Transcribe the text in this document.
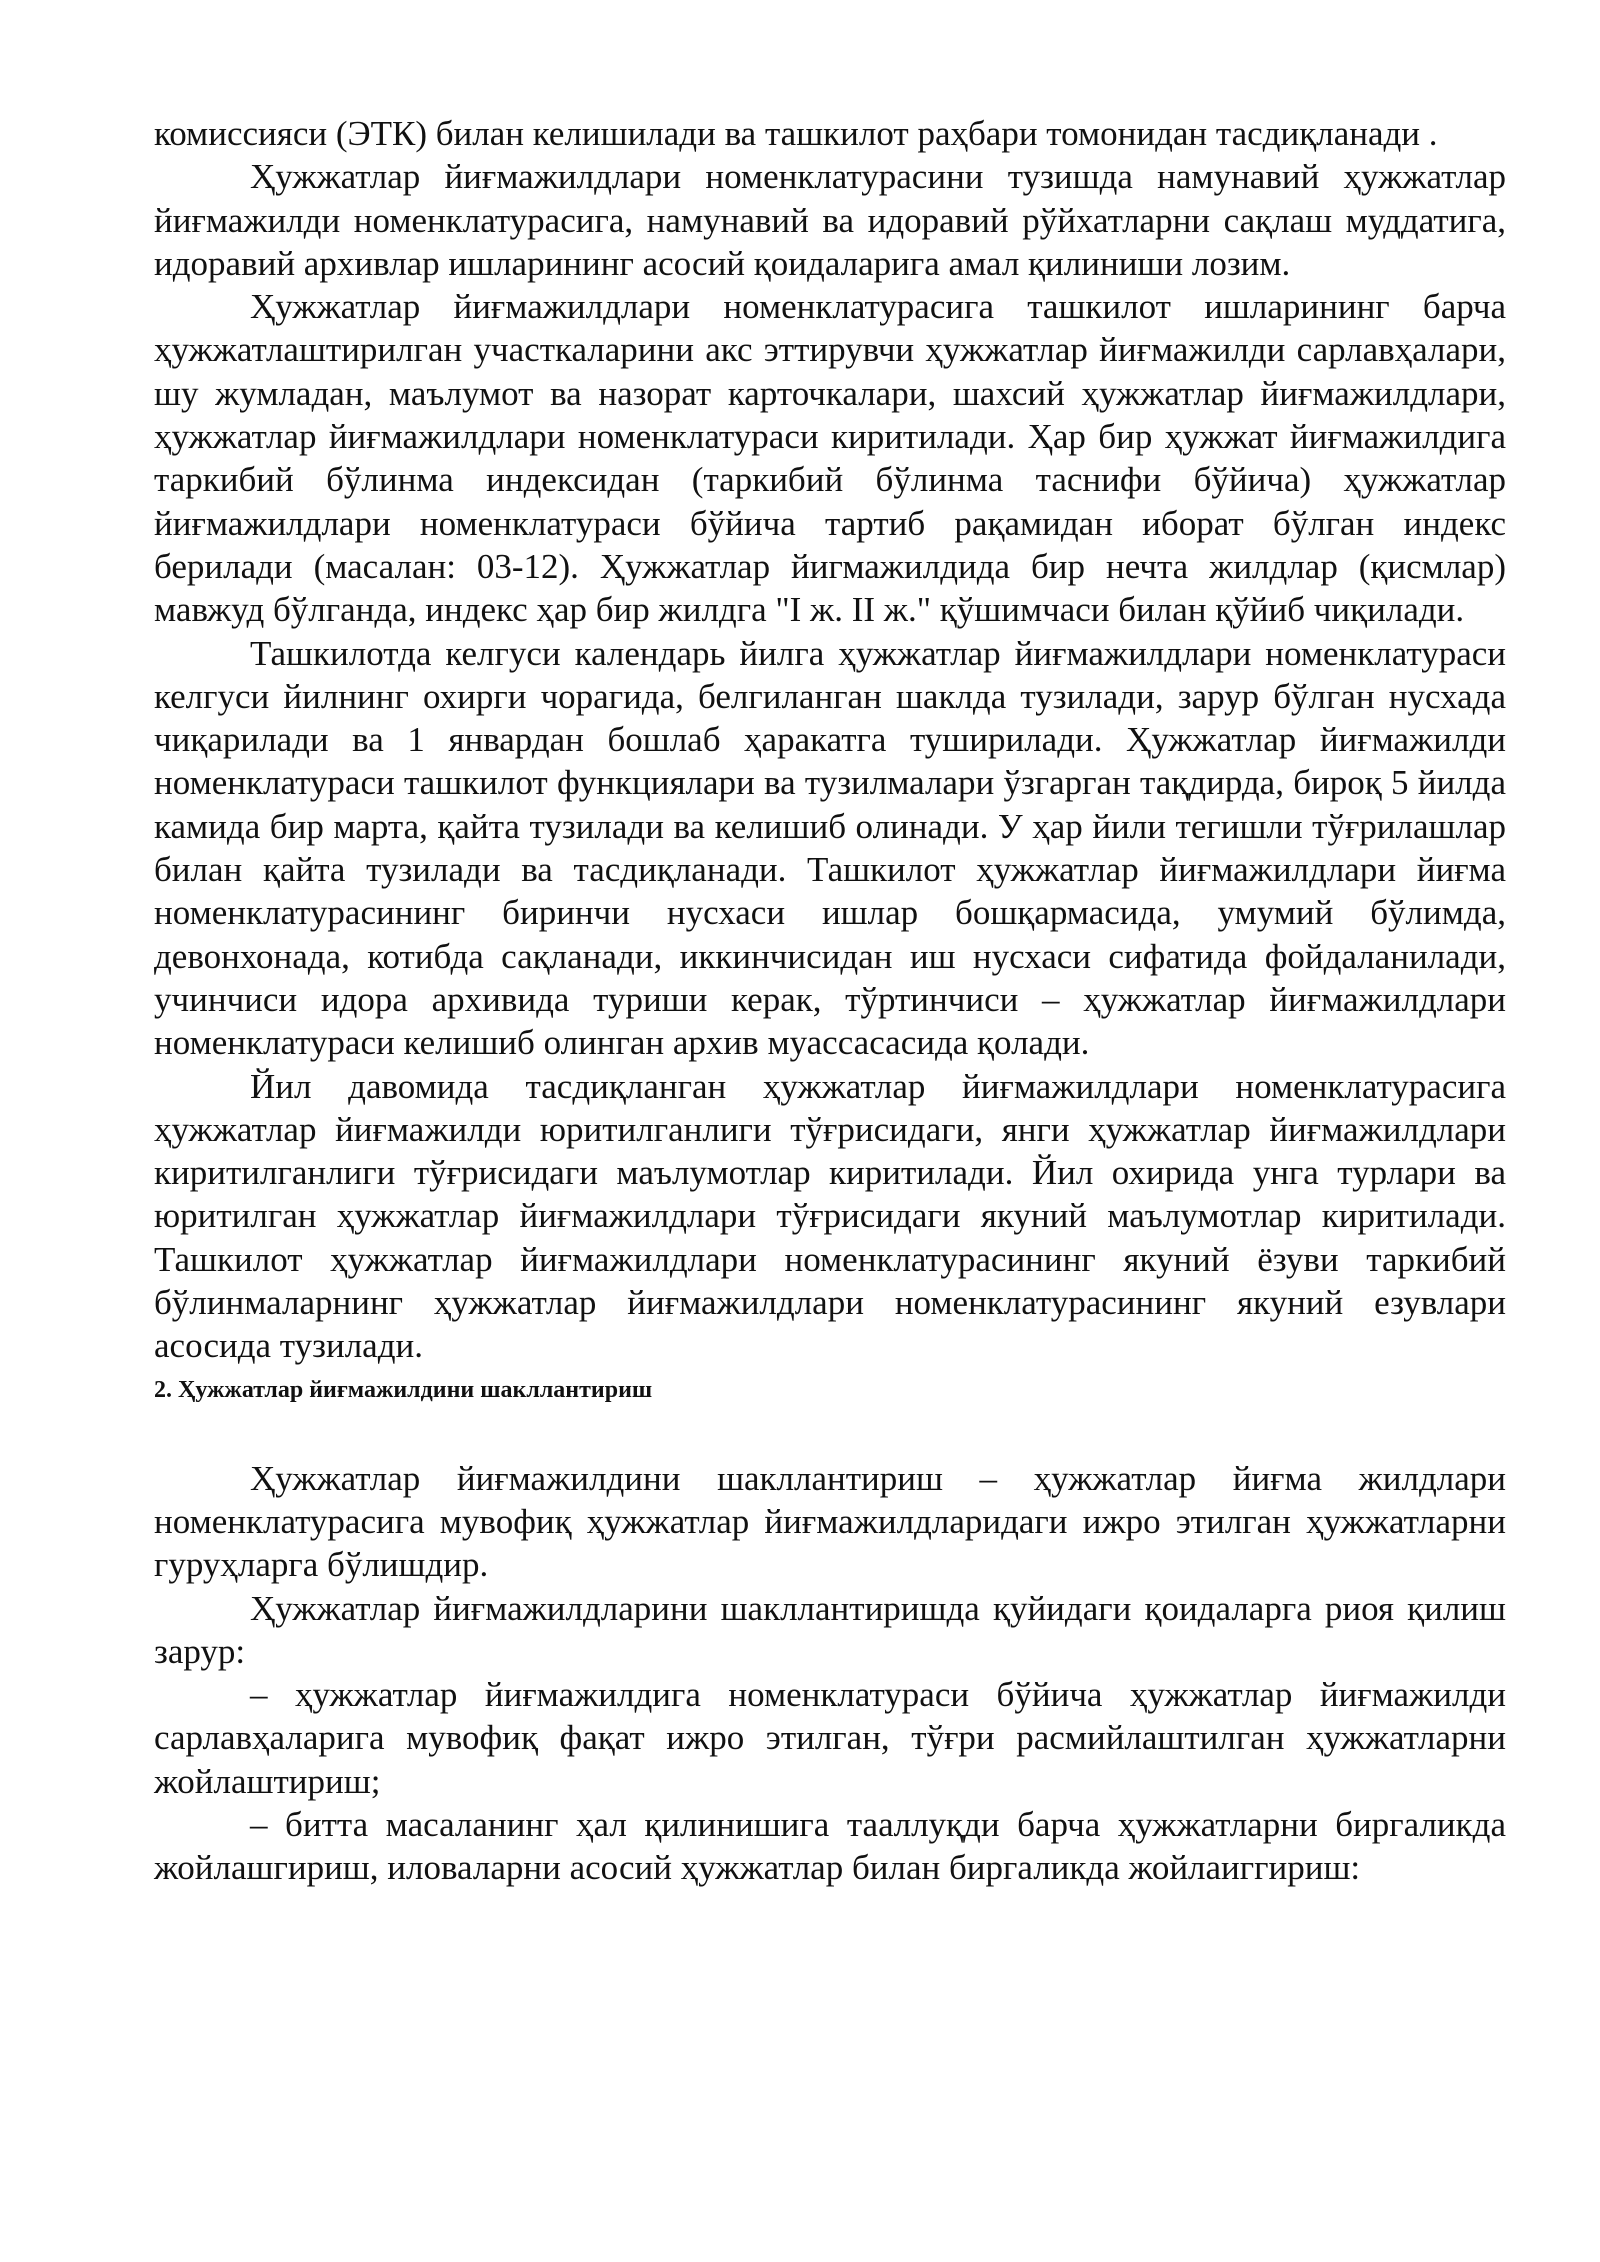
комиссияси (ЭТК) билан келишилади ва ташкилот раҳбари томонидан тасдиқланади .

Ҳужжатлар йиғмажилдлари номенклатурасини тузишда намунавий ҳужжатлар йиғмажилди номенклатурасига, намунавий ва идоравий рўйхатларни сақлаш муддатига, идоравий архивлар ишларининг асосий қоидаларига амал қилиниши лозим.

Ҳужжатлар йиғмажилдлари номенклатурасига ташкилот ишларининг барча ҳужжатлаштирилган участкаларини акс эттирувчи ҳужжатлар йиғмажилди сарлавҳалари, шу жумладан, маълумот ва назорат карточкалари, шахсий ҳужжатлар йиғмажилдлари, ҳужжатлар йиғмажилдлари номенклатураси киритилади. Ҳар бир ҳужжат йиғмажилдига таркибий бўлинма индексидан (таркибий бўлинма таснифи бўйича) ҳужжатлар йиғмажилдлари номенклатураси бўйича тартиб рақамидан иборат бўлган индекс берилади (масалан: 03-12). Ҳужжатлар йигмажилдида бир нечта жилдлар (қисмлар) мавжуд бўлганда, индекс ҳар бир жилдга "I ж. II ж." қўшимчаси билан қўйиб чиқилади.

Ташкилотда келгуси календарь йилга ҳужжатлар йиғмажилдлари номенклатураси келгуси йилнинг охирги чорагида, белгиланган шаклда тузилади, зарур бўлган нусхада чиқарилади ва 1 январдан бошлаб ҳаракатга туширилади. Ҳужжатлар йиғмажилди номенклатураси ташкилот функциялари ва тузилмалари ўзгарган тақдирда, бироқ 5 йилда камида бир марта, қайта тузилади ва келишиб олинади. У ҳар йили тегишли тўғрилашлар билан қайта тузилади ва тасдиқланади. Ташкилот ҳужжатлар йиғмажилдлари йиғма номенклатурасининг биринчи нусхаси ишлар бошқармасида, умумий бўлимда, девонхонада, котибда сақланади, иккинчисидан иш нусхаси сифатида фойдаланилади, учинчиси идора архивида туриши керак, тўртинчиси – ҳужжатлар йиғмажилдлари номенклатураси келишиб олинган архив муассасасида қолади.

Йил давомида тасдиқланган ҳужжатлар йиғмажилдлари номенклатурасига ҳужжатлар йиғмажилди юритилганлиги тўғрисидаги, янги ҳужжатлар йиғмажилдлари киритилганлиги тўғрисидаги маълумотлар киритилади. Йил охирида унга турлари ва юритилган ҳужжатлар йиғмажилдлари тўғрисидаги якуний маълумотлар киритилади. Ташкилот ҳужжатлар йиғмажилдлари номенклатурасининг якуний ёзуви таркибий бўлинмаларнинг ҳужжатлар йиғмажилдлари номенклатурасининг якуний езувлари асосида тузилади.

2. Ҳужжатлар йиғмажилдини шакллантириш

Ҳужжатлар йиғмажилдини шакллантириш – ҳужжатлар йиғма жилдлари номенклатурасига мувофиқ ҳужжатлар йиғмажилдларидаги ижро этилган ҳужжатларни гуруҳларга бўлишдир.

Ҳужжатлар йиғмажилдларини шакллантиришда қуйидаги қоидаларга риоя қилиш зарур:

– ҳужжатлар йиғмажилдига номенклатураси бўйича ҳужжатлар йиғмажилди сарлавҳаларига мувофиқ фақат ижро этилган, тўғри расмийлаштилган ҳужжатларни жойлаштириш;

– битта масаланинг ҳал қилинишига таaллуқди барча ҳужжатларни биргаликда жойлашгириш, иловаларни асосий ҳужжатлар билан биргаликда жойлаиггириш:
